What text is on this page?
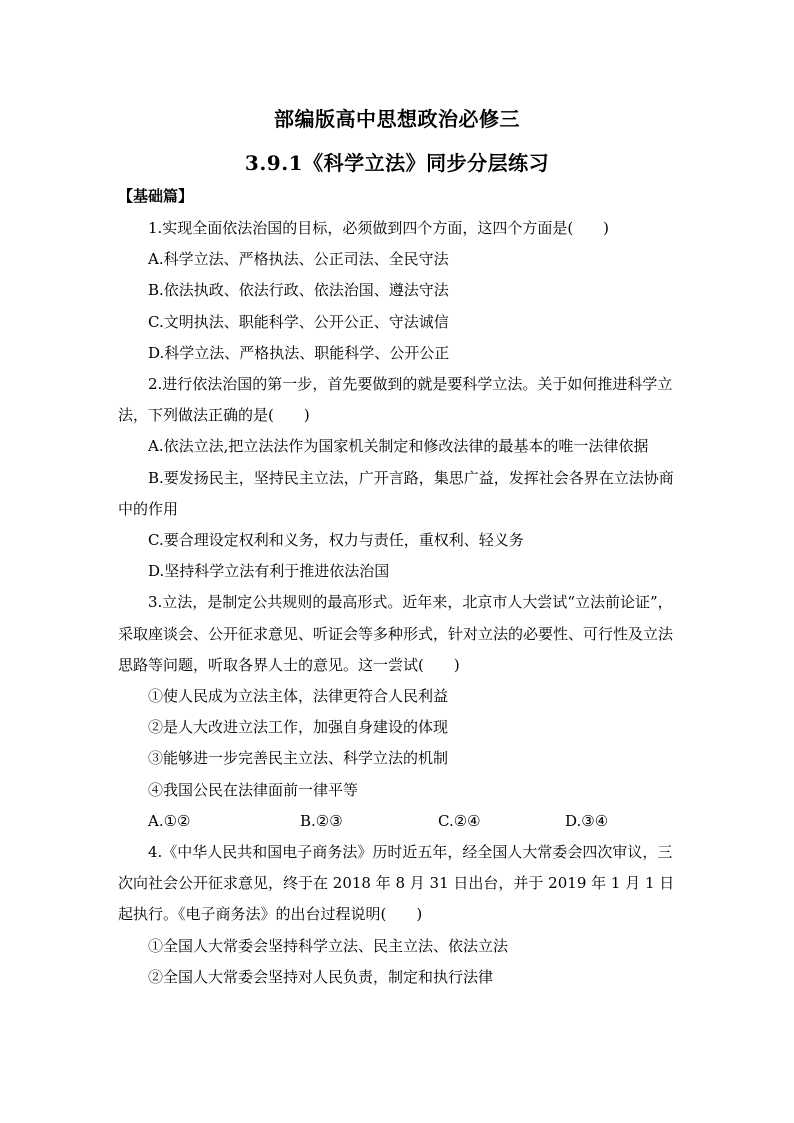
部编版高中思想政治必修三
3.9.1《科学立法》同步分层练习
【基础篇】

1.实现全面依法治国的目标，必须做到四个方面，这四个方面是(　　)

A.科学立法、严格执法、公正司法、全民守法

B.依法执政、依法行政、依法治国、遵法守法

C.文明执法、职能科学、公开公正、守法诚信

D.科学立法、严格执法、职能科学、公开公正

2.进行依法治国的第一步，首先要做到的就是要科学立法。关于如何推进科学立法，下列做法正确的是(　　)

A.依法立法,把立法法作为国家机关制定和修改法律的最基本的唯一法律依据

B.要发扬民主，坚持民主立法，广开言路，集思广益，发挥社会各界在立法协商中的作用

C.要合理设定权利和义务，权力与责任，重权利、轻义务

D.坚持科学立法有利于推进依法治国

3.立法，是制定公共规则的最高形式。近年来，北京市人大尝试“立法前论证”，采取座谈会、公开征求意见、听证会等多种形式，针对立法的必要性、可行性及立法思路等问题，听取各界人士的意见。这一尝试(　　)

①使人民成为立法主体，法律更符合人民利益

②是人大改进立法工作，加强自身建设的体现

③能够进一步完善民主立法、科学立法的机制

④我国公民在法律面前一律平等

A.①②	B.②③	C.②④	D.③④

4.《中华人民共和国电子商务法》历时近五年，经全国人大常委会四次审议，三次向社会公开征求意见，终于在 2018 年 8 月 31 日出台，并于 2019 年 1 月 1 日起执行。《电子商务法》的出台过程说明(　　)

①全国人大常委会坚持科学立法、民主立法、依法立法

②全国人大常委会坚持对人民负责，制定和执行法律
